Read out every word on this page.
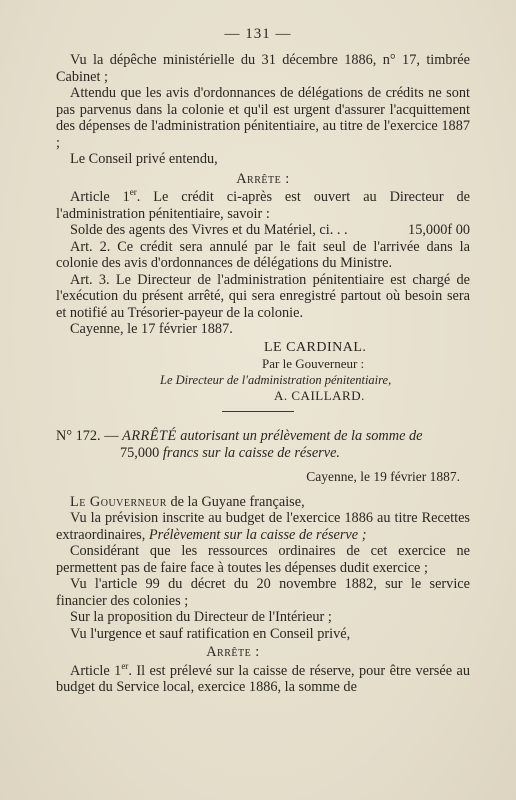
— 131 —

Vu la dépêche ministérielle du 31 décembre 1886, n° 17, timbrée Cabinet ;

Attendu que les avis d'ordonnances de délégations de crédits ne sont pas parvenus dans la colonie et qu'il est urgent d'assurer l'acquittement des dépenses de l'administration pénitentiaire, au titre de l'exercice 1887 ;

Le Conseil privé entendu,

Arrête :

Article 1er. Le crédit ci-après est ouvert au Directeur de l'administration pénitentiaire, savoir :

Solde des agents des Vivres et du Matériel, ci. . .	15,000f 00

Art. 2. Ce crédit sera annulé par le fait seul de l'arrivée dans la colonie des avis d'ordonnances de délégations du Ministre.

Art. 3. Le Directeur de l'administration pénitentiaire est chargé de l'exécution du présent arrêté, qui sera enregistré partout où besoin sera et notifié au Trésorier-payeur de la colonie.

Cayenne, le 17 février 1887.

LE CARDINAL.
Par le Gouverneur :
Le Directeur de l'administration pénitentiaire,
A. CAILLARD.

N° 172. — ARRÊTÉ autorisant un prélèvement de la somme de

75,000 francs sur la caisse de réserve.

Cayenne, le 19 février 1887.

Le Gouverneur de la Guyane française,

Vu la prévision inscrite au budget de l'exercice 1886 au titre Recettes extraordinaires, Prélèvement sur la caisse de réserve ;

Considérant que les ressources ordinaires de cet exercice ne permettent pas de faire face à toutes les dépenses dudit exercice ;

Vu l'article 99 du décret du 20 novembre 1882, sur le service financier des colonies ;

Sur la proposition du Directeur de l'Intérieur ;

Vu l'urgence et sauf ratification en Conseil privé,

Arrête :

Article 1er. Il est prélevé sur la caisse de réserve, pour être versée au budget du Service local, exercice 1886, la somme de
